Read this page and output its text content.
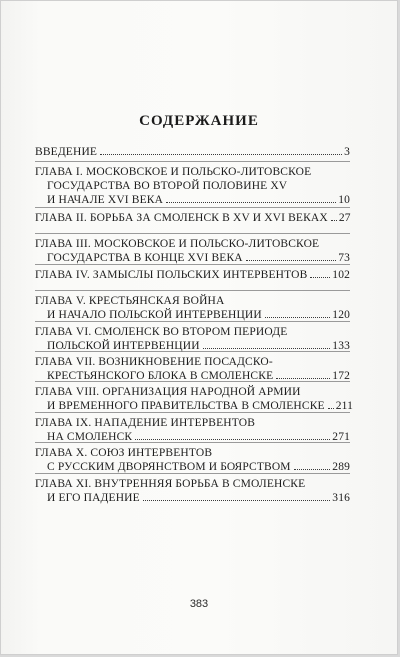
СОДЕРЖАНИЕ
ВВЕДЕНИЕ	3
ГЛАВА I. МОСКОВСКОЕ И ПОЛЬСКО-ЛИТОВСКОЕ
ГОСУДАРСТВА ВО ВТОРОЙ ПОЛОВИНЕ XV
И НАЧАЛЕ XVI ВЕКА	10
ГЛАВА II. БОРЬБА ЗА СМОЛЕНСК В XV И XVI ВЕКАХ 27
ГЛАВА III. МОСКОВСКОЕ И ПОЛЬСКО-ЛИТОВСКОЕ
ГОСУДАРСТВА В КОНЦЕ XVI ВЕКА	73
ГЛАВА IV. ЗАМЫСЛЫ ПОЛЬСКИХ ИНТЕРВЕНТОВ 102
ГЛАВА V. КРЕСТЬЯНСКАЯ ВОЙНА
И НАЧАЛО ПОЛЬСКОЙ ИНТЕРВЕНЦИИ	120
ГЛАВА VI. СМОЛЕНСК ВО ВТОРОМ ПЕРИОДЕ
ПОЛЬСКОЙ ИНТЕРВЕНЦИИ	133
ГЛАВА VII. ВОЗНИКНОВЕНИЕ ПОСАДСКО-
КРЕСТЬЯНСКОГО БЛОКА В СМОЛЕНСКЕ	172
ГЛАВА VIII. ОРГАНИЗАЦИЯ НАРОДНОЙ АРМИИ
И ВРЕМЕННОГО ПРАВИТЕЛЬСТВА В СМОЛЕНСКЕ 211
ГЛАВА IX. НАПАДЕНИЕ ИНТЕРВЕНТОВ
НА СМОЛЕНСК	271
ГЛАВА X. СОЮЗ ИНТЕРВЕНТОВ
С РУССКИМ ДВОРЯНСТВОМ И БОЯРСТВОМ	289
ГЛАВА XI. ВНУТРЕННЯЯ БОРЬБА В СМОЛЕНСКЕ
И ЕГО ПАДЕНИЕ	316
383
